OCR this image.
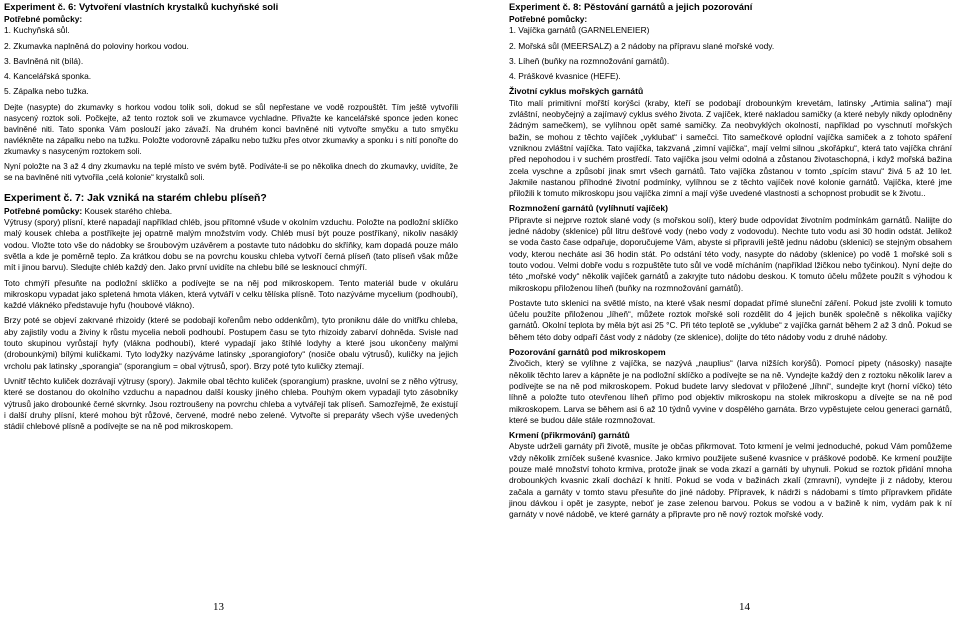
Experiment č. 6: Vytvoření vlastních krystalků kuchyňské soli
Potřebné pomůcky:
1. Kuchyňská sůl.
2. Zkumavka naplněná do poloviny horkou vodou.
3. Bavlněná nit (bílá).
4. Kancelářská sponka.
5. Zápalka nebo tužka.

Dejte (nasypte) do zkumavky s horkou vodou tolik soli, dokud se sůl nepřestane ve vodě rozpouštět. Tím ještě vytvoříli nasycený roztok soli. Počkejte, až tento roztok soli ve zkumavce vychladne. Přivažte ke kancelářské sponce jeden konec bavlněné niti. Tato sponka Vám poslouží jako závaží. Na druhém konci bavlněné niti vytvořte smyčku a tuto smyčku navlékněte na zápalku nebo na tužku. Položte vodorovně zápalku nebo tužku přes otvor zkumavky a sponku i s nití ponořte do zkumavky s nasyceným roztokem soli.

Nyní položte na 3 až 4 dny zkumavku na teplé místo ve svém bytě. Podíváte-li se po několika dnech do zkumavky, uvidíte, že se na bavlněné niti vytvořila „celá kolonie“ krystalků soli.

Experiment č. 7: Jak vzniká na starém chlebu plíseň?
Potřebné pomůcky: Kousek starého chleba.

Výtrusy (spory) plísní, které napadají například chléb, jsou přítomné všude v okolním vzduchu. Položte na podložní sklíčko malý kousek chleba a postříkejte jej opatrně malým množstvím vody. Chléb musí být pouze postříkaný, nikoliv nasáklý vodou. Vložte toto vše do nádobky se šroubovým uzávěrem a postavte tuto nádobku do skříňky, kam dopadá pouze málo světla a kde je poměrně teplo. Za krátkou dobu se na povrchu kousku chleba vytvoří černá plíseň (tato plíseň však může mít i jinou barvu). Sledujte chléb každý den. Jako první uvidíte na chlebu bílé se lesknoucí chmýří.

Toto chmýří přesuňte na podložní sklíčko a podívejte se na něj pod mikroskopem. Tento materiál bude v okuláru mikroskopu vypadat jako spletená hmota vláken, která vytváří v celku tělíska plísně. Toto nazýváme mycelium (podhoubí), každé vláknéko představuje hyfu (houbové vlákno).

Brzy poté se objeví zakrvané rhizoidy (které se podobají kořenům nebo oddenkům), tyto proniknu dále do vnitřku chleba, aby zajistily vodu a živiny k růstu mycelia neboli podhoubí. Postupem času se tyto rhizoidy zabarví dohněda. Svisle nad touto skupinou vyrůstají hyfy (vlákna podhoubí), které vypadají jako štíhlé lodyhy a které jsou ukončeny malými (drobounkými) bílými kuličkami. Tyto lodyžky nazýváme latinsky „sporangiofory“ (nosiče obalu výtrusů), kuličky na jejich vrcholu pak latinsky „sporangia“ (sporangium = obal výtrusů, spor). Brzy poté tyto kuličky ztemají.

Uvnitř těchto kuliček dozrávají výtrusy (spory). Jakmile obal těchto kuliček (sporangium) praskne, uvolní se z něho výtrusy, které se dostanou do okolního vzduchu a napadnou další kousky jiného chleba. Pouhým okem vypadají tyto zásobníky výtrusů jako drobounké černé skvrnky. Jsou roztroušeny na povrchu chleba a vytvářejí tak plíseň. Samozřejmě, že existují i další druhy plísní, které mohou být růžové, červené, modré nebo zelené. Vytvořte si preparáty všech výše uvedených stádií chlebové plísně a podívejte se na ně pod mikroskopem.

13
Experiment č. 8: Pěstování garnátů a jejich pozorování
Potřebné pomůcky:
1. Vajíčka garnátů (GARNELENEIER)
2. Mořská sůl (MEERSALZ) a 2 nádoby na přípravu slané mořské vody.
3. Líheň (buňky na rozmnožování garnátů).
4. Práškové kvasnice (HEFE).
Životní cyklus mořských garnátů

Tito malí primitivní mořští korýšci (kraby, kteří se podobají drobounkým krevetám, latinsky „Artimia salina“) mají zvláštní, neobyčejný a zajímavý cyklus svého života. Z vajíček, které nakladou samičky (a které nebyly nikdy oplodněny žádným samečkem), se vylíhnou opět samé samičky. Za neobvyklých okolností, například po vyschnutí mořských bažin, se mohou z těchto vajíček „vyklubat“ i samečci. Tito samečkové oplodní vajíčka samiček a z tohoto spáření vzniknou zvláštní vajíčka. Tato vajíčka, takzvaná „zimní vajíčka“, mají velmi silnou „skořápku“, která tato vajíčka chrání před nepohodou i v suchém prostředí. Tato vajíčka jsou velmi odolná a zůstanou životaschopná, i když mořská bažina zcela vyschne a způsobí jinak smrt všech garnátů. Tato vajíčka zůstanou v tomto „spícím stavu“ živá 5 až 10 let. Jakmile nastanou příhodné životní podmínky, vylíhnou se z těchto vajíček nové kolonie garnátů. Vajíčka, které jme přiložili k tomuto mikroskopu jsou vajíčka zimní a mají výše uvedené vlastnosti a schopnost probudit se k životu..

Rozmnožení garnátů (vylíhnutí vajíček)

Připravte si nejprve roztok slané vody (s mořskou solí), který bude odpovídat životním podmínkám garnátů. Naliijte do jedné nádoby (sklenice) půl litru dešťové vody (nebo vody z vodovodu). Nechte tuto vodu asi 30 hodin odstát. Jelikož se voda často čase odpařuje, doporučujeme Vám, abyste si připravili ještě jednu nádobu (sklenici) se stejným obsahem vody, kterou necháte asi 36 hodin stát. Po odstání této vody, nasypte do nádoby (sklenice) po vodě 1 mořské soli s touto vodou. Velmi dobře vodu s rozpuštěte tuto sůl ve vodě mícháním (například lžičkou nebo tyčinkou). Nyní dejte do této „mořské vody“ několik vajíček garnátů a zakryjte tuto nádobu deskou. K tomuto účelu můžete použít s výhodou k mikroskopu přiloženou líheň (buňky na rozmnožování garnátů).

Postavte tuto sklenici na světlé místo, na které však nesmí dopadat přímé sluneční záření. Pokud jste zvolili k tomuto účelu použíte přiloženou „líheň“, můžete roztok mořské soli rozdělit do 4 jejich buněk společně s několika vajíčky garnátů. Okolní teplota by měla být asi 25 °C. Při této teplotě se „vyklube“ z vajíčka garnát během 2 až 3 dnů. Pokud se během této doby odpaří část vody z nádoby (ze sklenice), dolijte do této nádoby vodu z druhé nádoby.

Pozorování garnátů pod mikroskopem

Živočich, který se vylíhne z vajíčka, se nazývá „nauplius“ (larva nižších korýšů). Pomocí pipety (násosky) nasajte několik těchto larev a kápněte je na podložní sklíčko a podívejte se na ně. Vyndejte každý den z roztoku několik larev a podívejte se na ně pod mikroskopem. Pokud budete larvy sledovat v přiložené „líhni“, sundejte kryt (horní víčko) této líhně a položte tuto otevřenou líheň přímo pod objektiv mikroskopu na stolek mikroskopu a dívejte se na ně pod mikroskopem. Larva se během asi 6 až 10 týdnů vyvine v dospělého garnáta. Brzo vypěstujete celou generaci garnátů, které se budou dále stále rozmnožovat.

Krmení (přikrmování) garnátů

Abyste udrželi garnáty při životě, musíte je občas přikrmovat. Toto krmení je velmi jednoduché, pokud Vám pomůžeme vždy několik zrníček sušené kvasnice. Jako krmivo použijete sušené kvasnice v práškové podobě. Ke krmení použijte pouze malé množství tohoto krmiva, protože jinak se voda zkazí a garnáti by uhynuli. Pokud se roztok přidání mnoha drobounkých kvasnic zkalí dochází k hnití. Pokud se voda v bažinách zkalí (zmravní), vyndejte ji z nádoby, kterou začala a garnáty v tomto stavu přesuňte do jiné nádoby. Přípravek, k nádrži s nádobami s tímto přípravkem přidáte jinou dávkou i opět je zasypte, neboť je zase zelenou barvou. Pokus se vodou a v bažině k nim, vydám pak k ní garnáty v nové nádobě, ve které garnáty a připravte pro ně nový roztok mořské vody.

14
